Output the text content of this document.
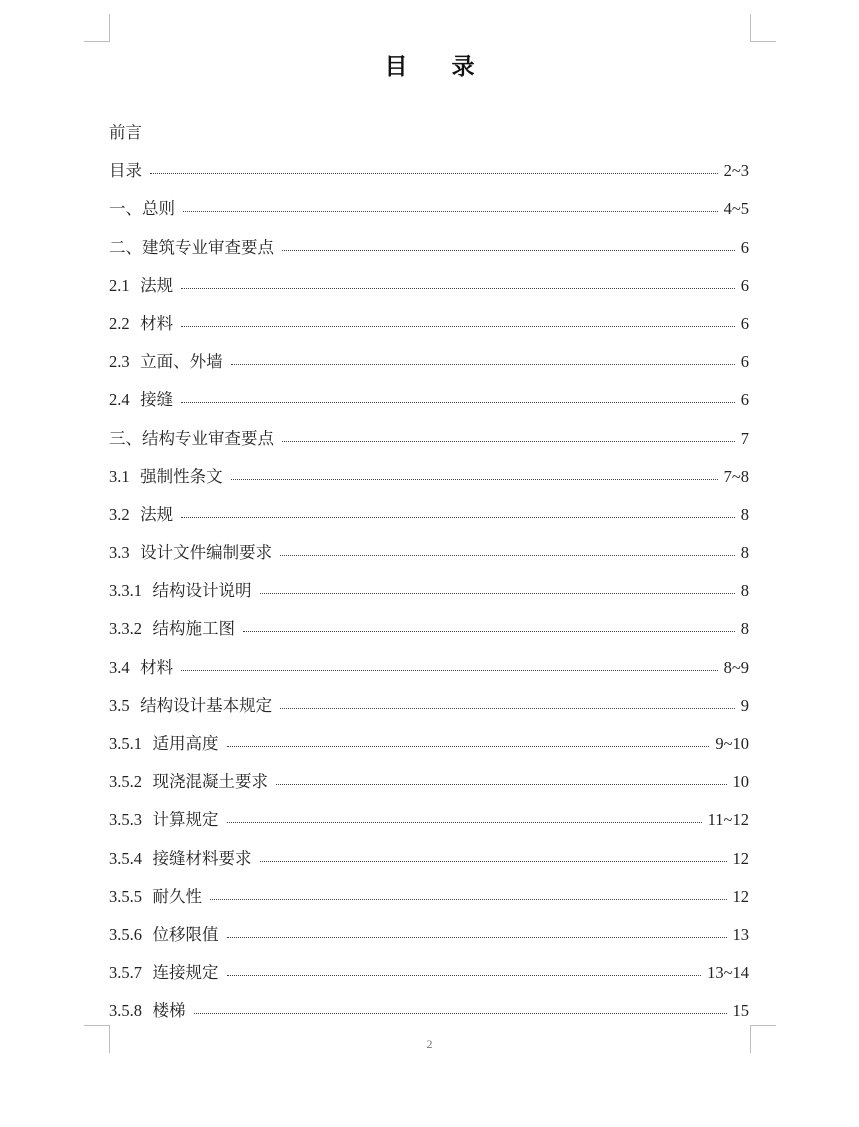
目 录
前言
目录	2~3
一、总则	4~5
二、建筑专业审查要点	6
2.1 法规	6
2.2 材料	6
2.3 立面、外墙	6
2.4 接缝	6
三、结构专业审查要点	7
3.1 强制性条文	7~8
3.2 法规	8
3.3 设计文件编制要求	8
3.3.1 结构设计说明	8
3.3.2 结构施工图	8
3.4 材料	8~9
3.5 结构设计基本规定	9
3.5.1 适用高度	9~10
3.5.2 现浇混凝土要求	10
3.5.3 计算规定	11~12
3.5.4 接缝材料要求	12
3.5.5 耐久性	12
3.5.6 位移限值	13
3.5.7 连接规定	13~14
3.5.8 楼梯	15
2
